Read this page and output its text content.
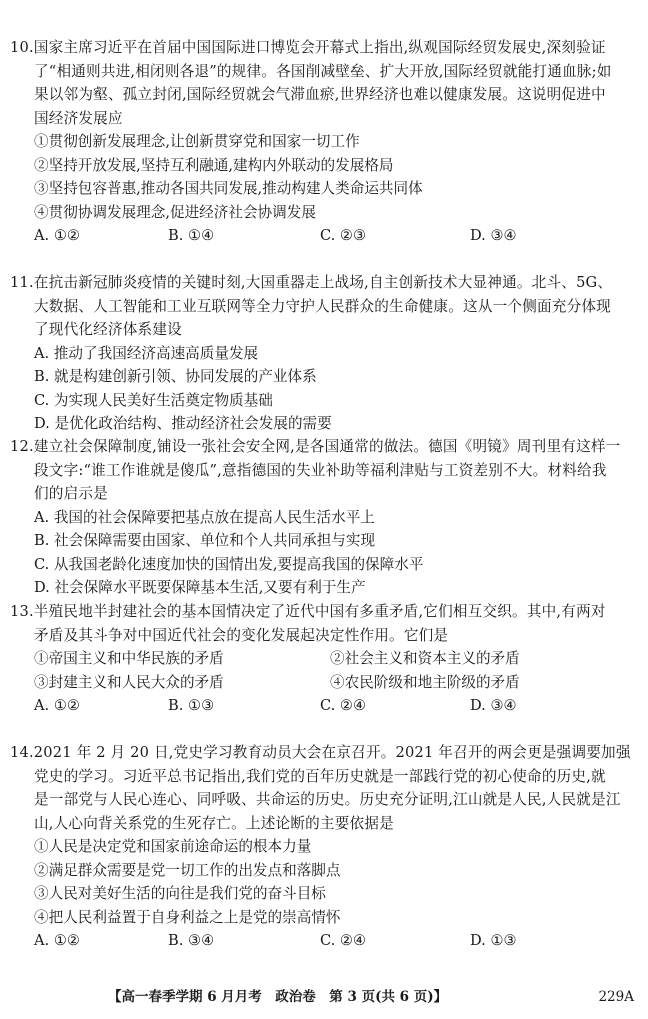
10.国家主席习近平在首届中国国际进口博览会开幕式上指出,纵观国际经贸发展史,深刻验证
了“相通则共进,相闭则各退”的规律。各国削减壁垒、扩大开放,国际经贸就能打通血脉;如
果以邻为壑、孤立封闭,国际经贸就会气滞血瘀,世界经济也难以健康发展。这说明促进中
国经济发展应
①贯彻创新发展理念,让创新贯穿党和国家一切工作
②坚持开放发展,坚持互利融通,建构内外联动的发展格局
③坚持包容普惠,推动各国共同发展,推动构建人类命运共同体
④贯彻协调发展理念,促进经济社会协调发展
A. ①②	B. ①④	C. ②③	D. ③④
11.在抗击新冠肺炎疫情的关键时刻,大国重器走上战场,自主创新技术大显神通。北斗、5G、
大数据、人工智能和工业互联网等全力守护人民群众的生命健康。这从一个侧面充分体现
了现代化经济体系建设
A. 推动了我国经济高速高质量发展
B. 就是构建创新引领、协同发展的产业体系
C. 为实现人民美好生活奠定物质基础
D. 是优化政治结构、推动经济社会发展的需要
12.建立社会保障制度,铺设一张社会安全网,是各国通常的做法。德国《明镜》周刊里有这样一
段文字:“谁工作谁就是傻瓜”,意指德国的失业补助等福利津贴与工资差别不大。材料给我
们的启示是
A. 我国的社会保障要把基点放在提高人民生活水平上
B. 社会保障需要由国家、单位和个人共同承担与实现
C. 从我国老龄化速度加快的国情出发,要提高我国的保障水平
D. 社会保障水平既要保障基本生活,又要有利于生产
13.半殖民地半封建社会的基本国情决定了近代中国有多重矛盾,它们相互交织。其中,有两对
矛盾及其斗争对中国近代社会的变化发展起决定性作用。它们是
①帝国主义和中华民族的矛盾	②社会主义和资本主义的矛盾
③封建主义和人民大众的矛盾	④农民阶级和地主阶级的矛盾
A. ①②	B. ①③	C. ②④	D. ③④
14.2021 年 2 月 20 日,党史学习教育动员大会在京召开。2021 年召开的两会更是强调要加强
党史的学习。习近平总书记指出,我们党的百年历史就是一部践行党的初心使命的历史,就
是一部党与人民心连心、同呼吸、共命运的历史。历史充分证明,江山就是人民,人民就是江
山,人心向背关系党的生死存亡。上述论断的主要依据是
①人民是决定党和国家前途命运的根本力量
②满足群众需要是党一切工作的出发点和落脚点
③人民对美好生活的向往是我们党的奋斗目标
④把人民利益置于自身利益之上是党的崇高情怀
A. ①②	B. ③④	C. ②④	D. ①③
【高一春季学期 6 月月考　政治卷　第 3 页(共 6 页)】	229A
